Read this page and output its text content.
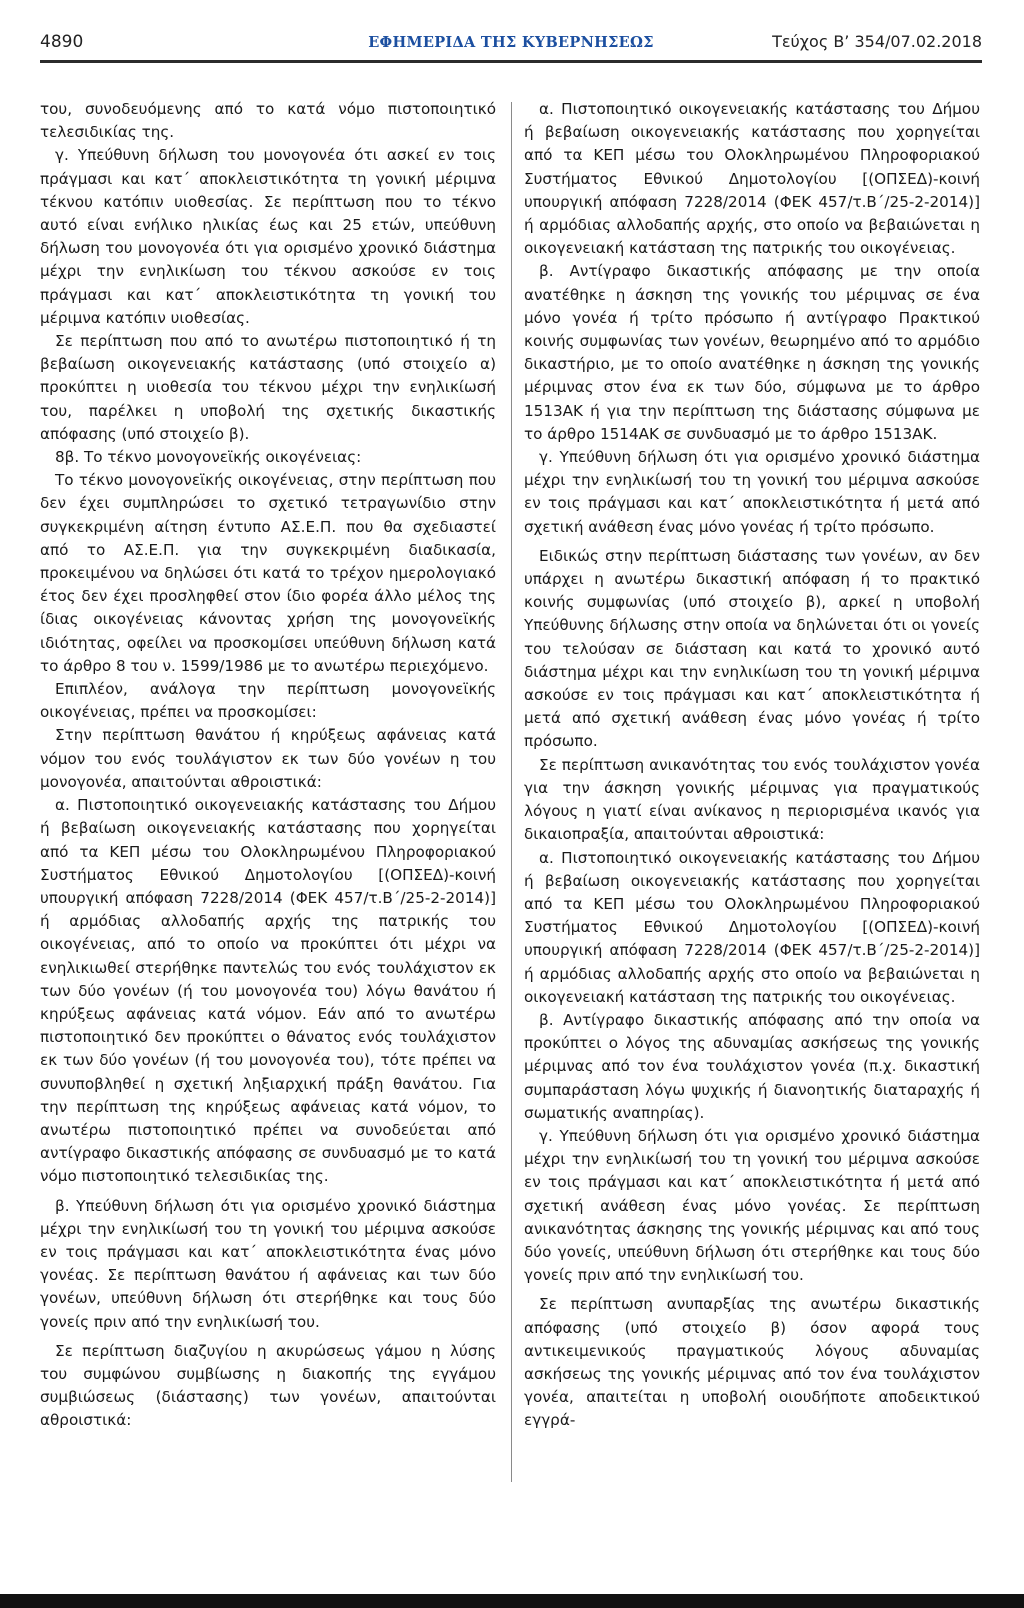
4890	ΕΦΗΜΕΡΙΔΑ ΤΗΣ ΚΥΒΕΡΝΗΣΕΩΣ	Τεύχος Β’ 354/07.02.2018

του, συνοδευόμενης από το κατά νόμο πιστοποιητικό τελεσιδικίας της.

γ. Υπεύθυνη δήλωση του μονογονέα ότι ασκεί εν τοις πράγμασι και κατ΄ αποκλειστικότητα τη γονική μέριμνα τέκνου κατόπιν υιοθεσίας. Σε περίπτωση που το τέκνο αυτό είναι ενήλικο ηλικίας έως και 25 ετών, υπεύθυνη δήλωση του μονογονέα ότι για ορισμένο χρονικό διάστημα μέχρι την ενηλικίωση του τέκνου ασκούσε εν τοις πράγμασι και κατ΄ αποκλειστικότητα τη γονική του μέριμνα κατόπιν υιοθεσίας.

Σε περίπτωση που από το ανωτέρω πιστοποιητικό ή τη βεβαίωση οικογενειακής κατάστασης (υπό στοιχείο α) προκύπτει η υιοθεσία του τέκνου μέχρι την ενηλικίωσή του, παρέλκει η υποβολή της σχετικής δικαστικής απόφασης (υπό στοιχείο β).

8β. Το τέκνο μονογονεϊκής οικογένειας:

Το τέκνο μονογονεϊκής οικογένειας, στην περίπτωση που δεν έχει συμπληρώσει το σχετικό τετραγωνίδιο στην συγκεκριμένη αίτηση έντυπο ΑΣ.Ε.Π. που θα σχεδιαστεί από το ΑΣ.Ε.Π. για την συγκεκριμένη διαδικασία, προκειμένου να δηλώσει ότι κατά το τρέχον ημερολογιακό έτος δεν έχει προσληφθεί στον ίδιο φορέα άλλο μέλος της ίδιας οικογένειας κάνοντας χρήση της μονογονεϊκής ιδιότητας, οφείλει να προσκομίσει υπεύθυνη δήλωση κατά το άρθρο 8 του ν. 1599/1986 με το ανωτέρω περιεχόμενο.

Επιπλέον, ανάλογα την περίπτωση μονογονεϊκής οικογένειας, πρέπει να προσκομίσει:

Στην περίπτωση θανάτου ή κηρύξεως αφάνειας κατά νόμον του ενός τουλάγιστον εκ των δύο γονέων η του μονογονέα, απαιτούνται αθροιστικά:

α. Πιστοποιητικό οικογενειακής κατάστασης του Δήμου ή βεβαίωση οικογενειακής κατάστασης που χορηγείται από τα ΚΕΠ μέσω του Ολοκληρωμένου Πληροφοριακού Συστήματος Εθνικού Δημοτολογίου [(ΟΠΣΕΔ)-κοινή υπουργική απόφαση 7228/2014 (ΦΕΚ 457/τ.Β΄/25-2-2014)] ή αρμόδιας αλλοδαπής αρχής της πατρικής του οικογένειας, από το οποίο να προκύπτει ότι μέχρι να ενηλικιωθεί στερήθηκε παντελώς του ενός τουλάχιστον εκ των δύο γονέων (ή του μονογονέα του) λόγω θανάτου ή κηρύξεως αφάνειας κατά νόμον. Εάν από το ανωτέρω πιστοποιητικό δεν προκύπτει ο θάνατος ενός τουλάχιστον εκ των δύο γονέων (ή του μονογονέα του), τότε πρέπει να συνυποβληθεί η σχετική ληξιαρχική πράξη θανάτου. Για την περίπτωση της κηρύξεως αφάνειας κατά νόμον, το ανωτέρω πιστοποιητικό πρέπει να συνοδεύεται από αντίγραφο δικαστικής απόφασης σε συνδυασμό με το κατά νόμο πιστοποιητικό τελεσιδικίας της.

β. Υπεύθυνη δήλωση ότι για ορισμένο χρονικό διάστημα μέχρι την ενηλικίωσή του τη γονική του μέριμνα ασκούσε εν τοις πράγμασι και κατ΄ αποκλειστικότητα ένας μόνο γονέας. Σε περίπτωση θανάτου ή αφάνειας και των δύο γονέων, υπεύθυνη δήλωση ότι στερήθηκε και τους δύο γονείς πριν από την ενηλικίωσή του.

Σε περίπτωση διαζυγίου η ακυρώσεως γάμου η λύσης του συμφώνου συμβίωσης η διακοπής της εγγάμου συμβιώσεως (διάστασης) των γονέων, απαιτούνται αθροιστικά:

α. Πιστοποιητικό οικογενειακής κατάστασης του Δήμου ή βεβαίωση οικογενειακής κατάστασης που χορηγείται από τα ΚΕΠ μέσω του Ολοκληρωμένου Πληροφοριακού Συστήματος Εθνικού Δημοτολογίου [(ΟΠΣΕΔ)-κοινή υπουργική απόφαση 7228/2014 (ΦΕΚ 457/τ.Β΄/25-2-2014)] ή αρμόδιας αλλοδαπής αρχής, στο οποίο να βεβαιώνεται η οικογενειακή κατάσταση της πατρικής του οικογένειας.

β. Αντίγραφο δικαστικής απόφασης με την οποία ανατέθηκε η άσκηση της γονικής του μέριμνας σε ένα μόνο γονέα ή τρίτο πρόσωπο ή αντίγραφο Πρακτικού κοινής συμφωνίας των γονέων, θεωρημένο από το αρμόδιο δικαστήριο, με το οποίο ανατέθηκε η άσκηση της γονικής μέριμνας στον ένα εκ των δύο, σύμφωνα με το άρθρο 1513ΑΚ ή για την περίπτωση της διάστασης σύμφωνα με το άρθρο 1514ΑΚ σε συνδυασμό με το άρθρο 1513ΑΚ.

γ. Υπεύθυνη δήλωση ότι για ορισμένο χρονικό διάστημα μέχρι την ενηλικίωσή του τη γονική του μέριμνα ασκούσε εν τοις πράγμασι και κατ΄ αποκλειστικότητα ή μετά από σχετική ανάθεση ένας μόνο γονέας ή τρίτο πρόσωπο.

Ειδικώς στην περίπτωση διάστασης των γονέων, αν δεν υπάρχει η ανωτέρω δικαστική απόφαση ή το πρακτικό κοινής συμφωνίας (υπό στοιχείο β), αρκεί η υποβολή Υπεύθυνης δήλωσης στην οποία να δηλώνεται ότι οι γονείς του τελούσαν σε διάσταση και κατά το χρονικό αυτό διάστημα μέχρι και την ενηλικίωση του τη γονική μέριμνα ασκούσε εν τοις πράγμασι και κατ΄ αποκλειστικότητα ή μετά από σχετική ανάθεση ένας μόνο γονέας ή τρίτο πρόσωπο.

Σε περίπτωση ανικανότητας του ενός τουλάχιστον γονέα για την άσκηση γονικής μέριμνας για πραγματικούς λόγους η γιατί είναι ανίκανος η περιορισμένα ικανός για δικαιοπραξία, απαιτούνται αθροιστικά:

α. Πιστοποιητικό οικογενειακής κατάστασης του Δήμου ή βεβαίωση οικογενειακής κατάστασης που χορηγείται από τα ΚΕΠ μέσω του Ολοκληρωμένου Πληροφοριακού Συστήματος Εθνικού Δημοτολογίου [(ΟΠΣΕΔ)-κοινή υπουργική απόφαση 7228/2014 (ΦΕΚ 457/τ.Β΄/25-2-2014)] ή αρμόδιας αλλοδαπής αρχής στο οποίο να βεβαιώνεται η οικογενειακή κατάσταση της πατρικής του οικογένειας.

β. Αντίγραφο δικαστικής απόφασης από την οποία να προκύπτει ο λόγος της αδυναμίας ασκήσεως της γονικής μέριμνας από τον ένα τουλάχιστον γονέα (π.χ. δικαστική συμπαράσταση λόγω ψυχικής ή διανοητικής διαταραχής ή σωματικής αναπηρίας).

γ. Υπεύθυνη δήλωση ότι για ορισμένο χρονικό διάστημα μέχρι την ενηλικίωσή του τη γονική του μέριμνα ασκούσε εν τοις πράγμασι και κατ΄ αποκλειστικότητα ή μετά από σχετική ανάθεση ένας μόνο γονέας. Σε περίπτωση ανικανότητας άσκησης της γονικής μέριμνας και από τους δύο γονείς, υπεύθυνη δήλωση ότι στερήθηκε και τους δύο γονείς πριν από την ενηλικίωσή του.

Σε περίπτωση ανυπαρξίας της ανωτέρω δικαστικής απόφασης (υπό στοιχείο β) όσον αφορά τους αντικειμενικούς πραγματικούς λόγους αδυναμίας ασκήσεως της γονικής μέριμνας από τον ένα τουλάχιστον γονέα, απαιτείται η υποβολή οιουδήποτε αποδεικτικού εγγρά-
